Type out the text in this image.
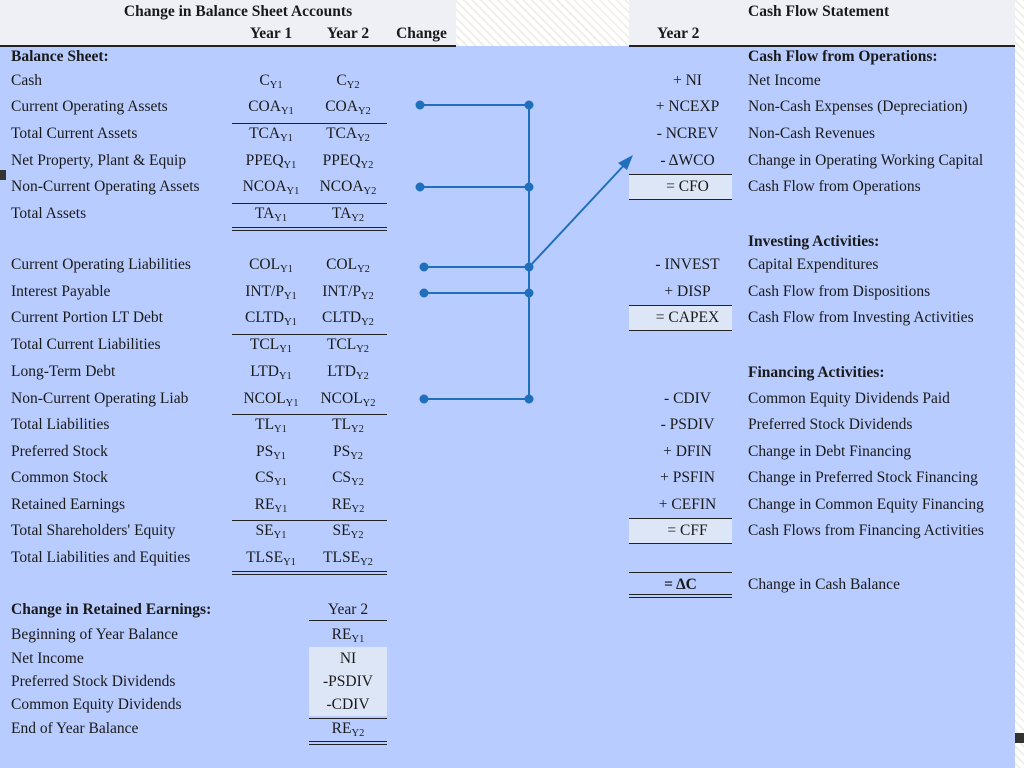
Change in Balance Sheet Accounts
Year 1	Year 2	Change
Balance Sheet:
Cash	$C_{Y1}$	$C_{Y2}$
Current Operating Assets	$COA_{Y1}$	$COA_{Y2}$
Total Current Assets	$TCA_{Y1}$	$TCA_{Y2}$
Net Property, Plant & Equip	$PPEQ_{Y1}$	$PPEQ_{Y2}$
Non-Current Operating Assets	$NCOA_{Y1}$	$NCOA_{Y2}$
Total Assets	$TA_{Y1}$	$TA_{Y2}$
Current Operating Liabilities	$COL_{Y1}$	$COL_{Y2}$
Interest Payable	INT/$P_{Y1}$	INT/$P_{Y2}$
Current Portion LT Debt	$CLTD_{Y1}$	$CLTD_{Y2}$
Total Current Liabilities	$TCL_{Y1}$	$TCL_{Y2}$
Long-Term Debt	$LTD_{Y1}$	$LTD_{Y2}$
Non-Current Operating Liab	$NCOL_{Y1}$	$NCOL_{Y2}$
Total Liabilities	$TL_{Y1}$	$TL_{Y2}$
Preferred Stock	$PS_{Y1}$	$PS_{Y2}$
Common Stock	$CS_{Y1}$	$CS_{Y2}$
Retained Earnings	$RE_{Y1}$	$RE_{Y2}$
Total Shareholders' Equity	$SE_{Y1}$	$SE_{Y2}$
Total Liabilities and Equities	$TLSE_{Y1}$	$TLSE_{Y2}$
Change in Retained Earnings:	Year 2
Beginning of Year Balance	$RE_{Y1}$
Net Income	NI
Preferred Stock Dividends	-PSDIV
Common Equity Dividends	-CDIV
End of Year Balance	$RE_{Y2}$
Cash Flow Statement
Year 2
Cash Flow from Operations:
Investing Activities:
Financing Activities:
+ NI	Net Income
+ NCEXP	Non-Cash Expenses (Depreciation)
- NCREV	Non-Cash Revenues
- ΔWCO	Change in Operating Working Capital
= CFO	Cash Flow from Operations
- INVEST	Capital Expenditures
+ DISP	Cash Flow from Dispositions
= CAPEX	Cash Flow from Investing Activities
- CDIV	Common Equity Dividends Paid
- PSDIV	Preferred Stock Dividends
+ DFIN	Change in Debt Financing
+ PSFIN	Change in Preferred Stock Financing
+ CEFIN	Change in Common Equity Financing
= CFF	Cash Flows from Financing Activities
= ΔC	Change in Cash Balance
